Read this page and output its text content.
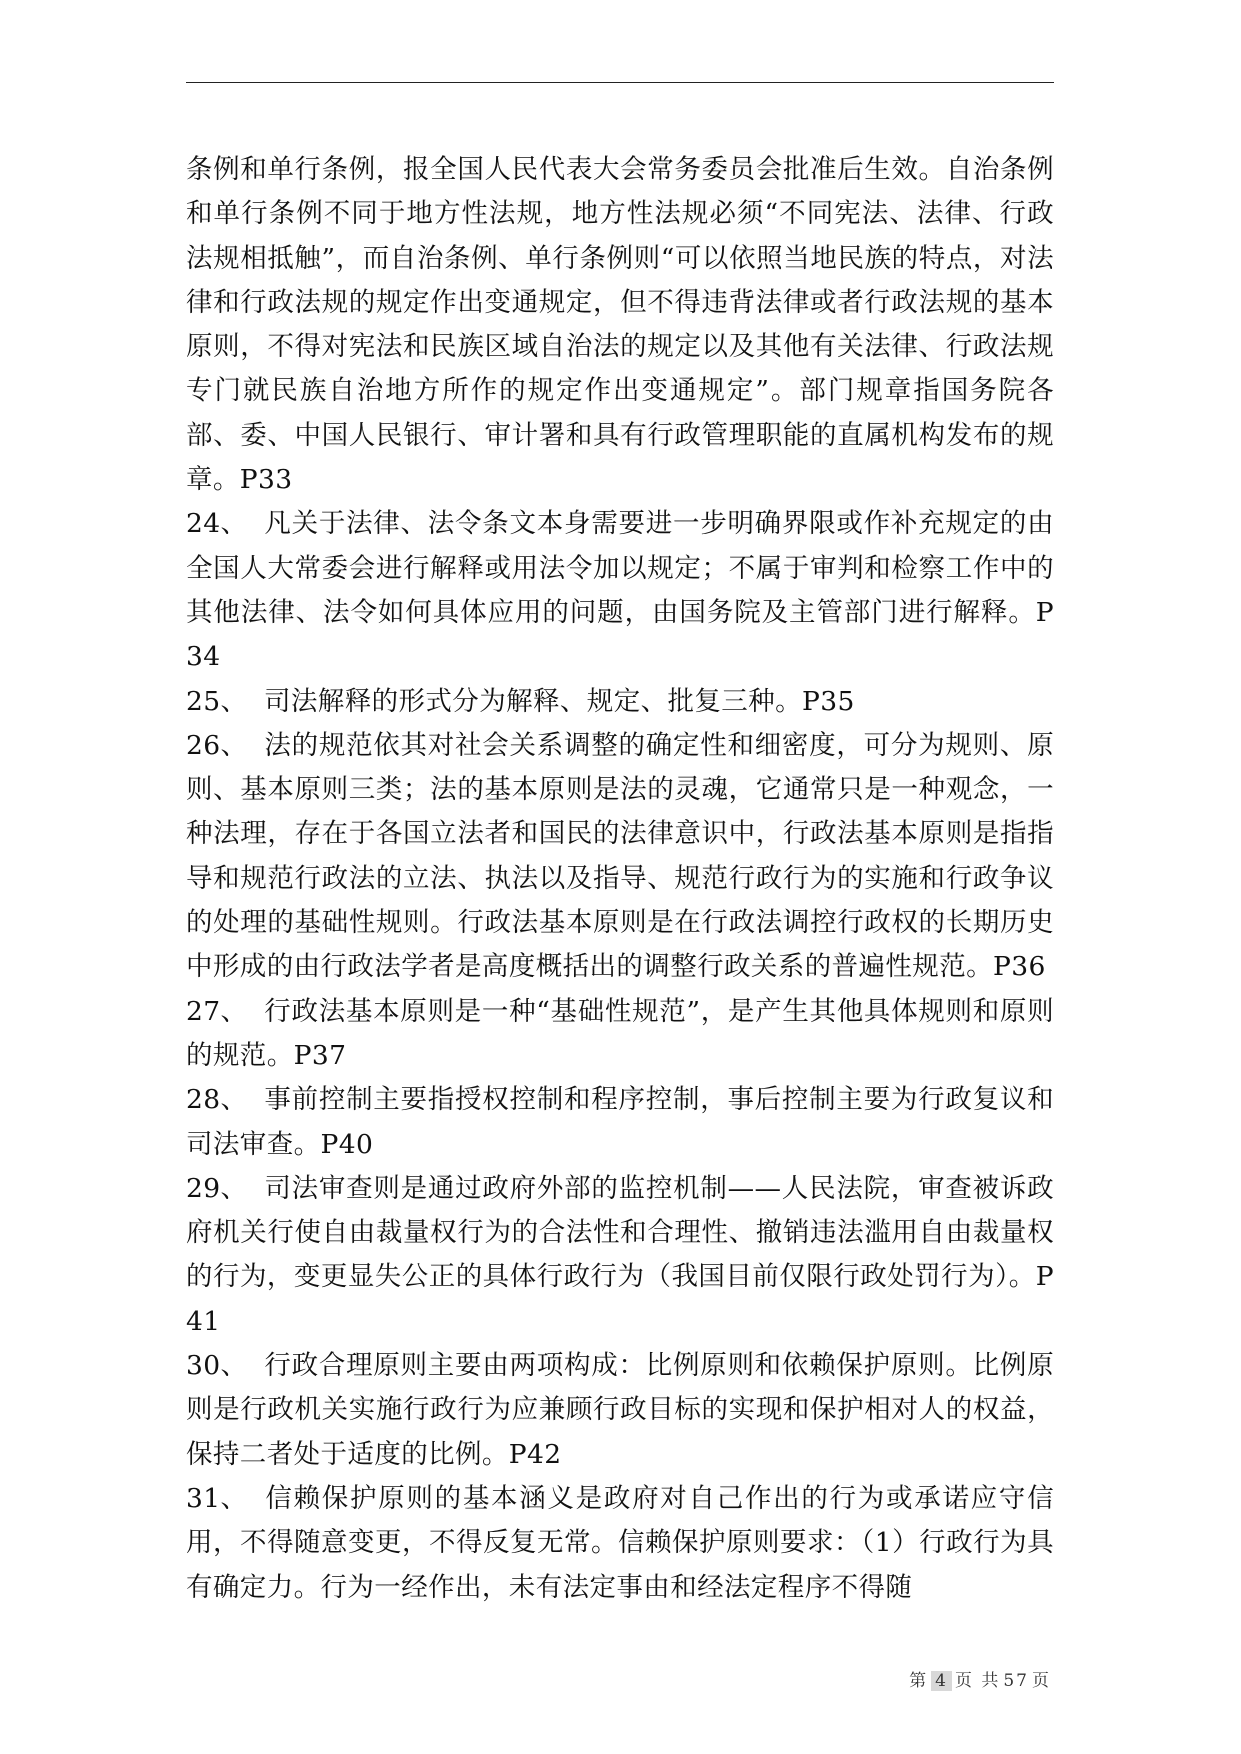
条例和单行条例，报全国人民代表大会常务委员会批准后生效。自治条例和单行条例不同于地方性法规，地方性法规必须“不同宪法、法律、行政法规相抵触”，而自治条例、单行条例则“可以依照当地民族的特点，对法律和行政法规的规定作出变通规定，但不得违背法律或者行政法规的基本原则，不得对宪法和民族区域自治法的规定以及其他有关法律、行政法规专门就民族自治地方所作的规定作出变通规定”。部门规章指国务院各部、委、中国人民银行、审计署和具有行政管理职能的直属机构发布的规章。P33

24、 凡关于法律、法令条文本身需要进一步明确界限或作补充规定的由全国人大常委会进行解释或用法令加以规定；不属于审判和检察工作中的其他法律、法令如何具体应用的问题，由国务院及主管部门进行解释。P34

25、 司法解释的形式分为解释、规定、批复三种。P35

26、 法的规范依其对社会关系调整的确定性和细密度，可分为规则、原则、基本原则三类；法的基本原则是法的灵魂，它通常只是一种观念，一种法理，存在于各国立法者和国民的法律意识中，行政法基本原则是指指导和规范行政法的立法、执法以及指导、规范行政行为的实施和行政争议的处理的基础性规则。行政法基本原则是在行政法调控行政权的长期历史中形成的由行政法学者是高度概括出的调整行政关系的普遍性规范。P36

27、 行政法基本原则是一种“基础性规范”，是产生其他具体规则和原则的规范。P37

28、 事前控制主要指授权控制和程序控制，事后控制主要为行政复议和司法审查。P40

29、 司法审查则是通过政府外部的监控机制——人民法院，审查被诉政府机关行使自由裁量权行为的合法性和合理性、撤销违法滥用自由裁量权的行为，变更显失公正的具体行政行为（我国目前仅限行政处罚行为）。P41

30、 行政合理原则主要由两项构成：比例原则和依赖保护原则。比例原则是行政机关实施行政行为应兼顾行政目标的实现和保护相对人的权益，保持二者处于适度的比例。P42

31、 信赖保护原则的基本涵义是政府对自己作出的行为或承诺应守信用，不得随意变更，不得反复无常。信赖保护原则要求：（1）行政行为具有确定力。行为一经作出，未有法定事由和经法定程序不得随

第 4 页 共 57 页
